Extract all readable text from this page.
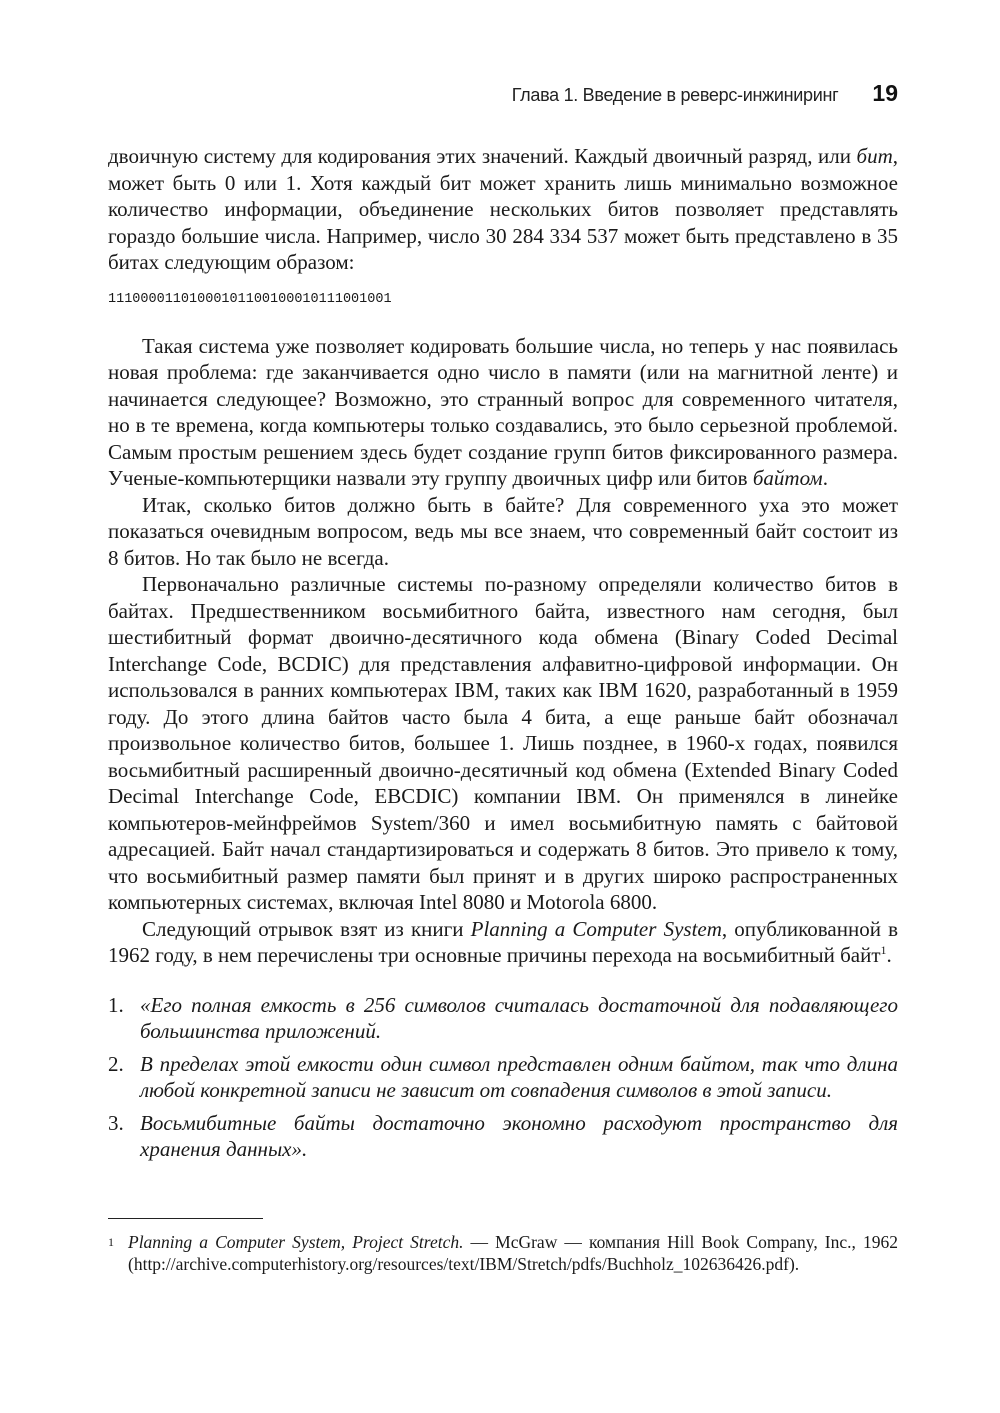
Глава 1. Введение в реверс-инжиниринг 19

двоичную систему для кодирования этих значений. Каждый двоичный разряд, или бит, может быть 0 или 1. Хотя каждый бит может хранить лишь минимально возможное количество информации, объединение нескольких битов позволяет представлять гораздо большие числа. Например, число 30 284 334 537 может быть представлено в 35 битах следующим образом:

11100001101000101100100010111001001

Такая система уже позволяет кодировать большие числа, но теперь у нас появилась новая проблема: где заканчивается одно число в памяти (или на магнитной ленте) и начинается следующее? Возможно, это странный вопрос для современного читателя, но в те времена, когда компьютеры только создавались, это было серьезной проблемой. Самым простым решением здесь будет создание групп битов фиксированного размера. Ученые-компьютерщики назвали эту группу двоичных цифр или битов байтом.

Итак, сколько битов должно быть в байте? Для современного уха это может показаться очевидным вопросом, ведь мы все знаем, что современный байт состоит из 8 битов. Но так было не всегда.

Первоначально различные системы по-разному определяли количество битов в байтах. Предшественником восьмибитного байта, известного нам сегодня, был шестибитный формат двоично-десятичного кода обмена (Binary Coded Decimal Interchange Code, BCDIC) для представления алфавитно-цифровой информации. Он использовался в ранних компьютерах IBM, таких как IBM 1620, разработанный в 1959 году. До этого длина байтов часто была 4 бита, а еще раньше байт обозначал произвольное количество битов, большее 1. Лишь позднее, в 1960-х годах, появился восьмибитный расширенный двоично-десятичный код обмена (Extended Binary Coded Decimal Interchange Code, EBCDIC) компании IBM. Он применялся в линейке компьютеров-мейнфреймов System/360 и имел восьмибитную память с байтовой адресацией. Байт начал стандартизироваться и содержать 8 битов. Это привело к тому, что восьмибитный размер памяти был принят и в других широко распространенных компьютерных системах, включая Intel 8080 и Motorola 6800.

Следующий отрывок взят из книги Planning a Computer System, опубликованной в 1962 году, в нем перечислены три основные причины перехода на восьмибитный байт$^1$.

1. «Его полная емкость в 256 символов считалась достаточной для подавляющего большинства приложений.
2. В пределах этой емкости один символ представлен одним байтом, так что длина любой конкретной записи не зависит от совпадения символов в этой записи.
3. Восьмибитные байты достаточно экономно расходуют пространство для хранения данных».
1 Planning a Computer System, Project Stretch. — McGraw — компания Hill Book Company, Inc., 1962 (http://archive.computerhistory.org/resources/text/IBM/Stretch/pdfs/Buchholz_102636426.pdf).
